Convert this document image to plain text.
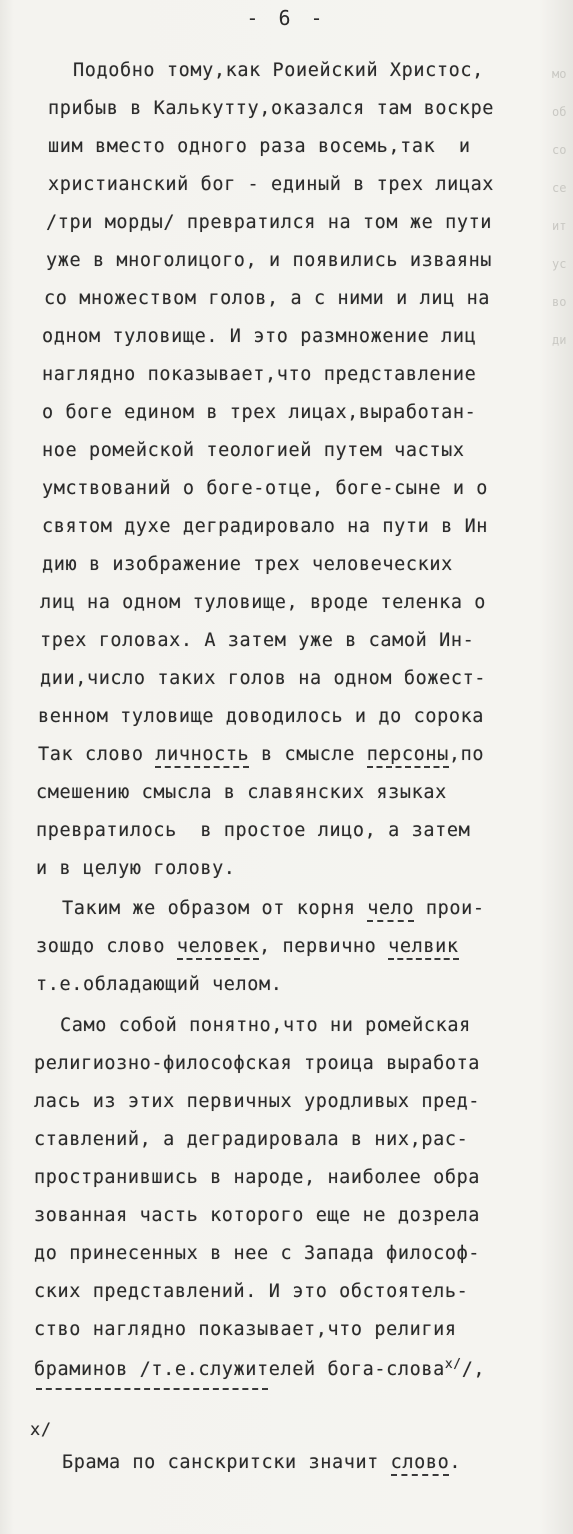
мо
об
со
се
ит
ус
во
ди
- 6 -
Подобно тому,как Роиейский Христос,
прибыв в Калькутту,оказался там воскре
шим вместо одного раза восемь,так  и
христианский бог - единый в трех лицах
/три морды/ превратился на том же пути
уже в многолицого, и появились изваяны
со множеством голов, а с ними и лиц на
одном туловище. И это размножение лиц
наглядно показывает,что представление
о боге едином в трех лицах,выработан-
ное ромейской теологией путем частых
умствований о боге-отце, боге-сыне и о
святом духе деградировало на пути в Ин
дию в изображение трех человеческих
лиц на одном туловище, вроде теленка о
трех головах. А затем уже в самой Ин-
дии,число таких голов на одном божест-
венном туловище доводилось и до сорока
Так слово личность в смысле персоны,по
смешению смысла в славянских языках
превратилось  в простое лицо, а затем
и в целую голову.
Таким же образом от корня чело прои-
зошдо слово человек, первично челвик
т.е.обладающий челом.
Само собой понятно,что ни ромейская
религиозно-философская троица выработа
лась из этих первичных уродливых пред-
ставлений, а деградировала в них,рас-
пространившись в народе, наиболее обра
зованная часть которого еще не дозрела
до принесенных в нее с Запада философ-
ских представлений. И это обстоятель-
ство наглядно показывает,что религия
браминов /т.е.служителей бога-слова$^{x/}$/,
x/
Брама по санскритски значит слово.
